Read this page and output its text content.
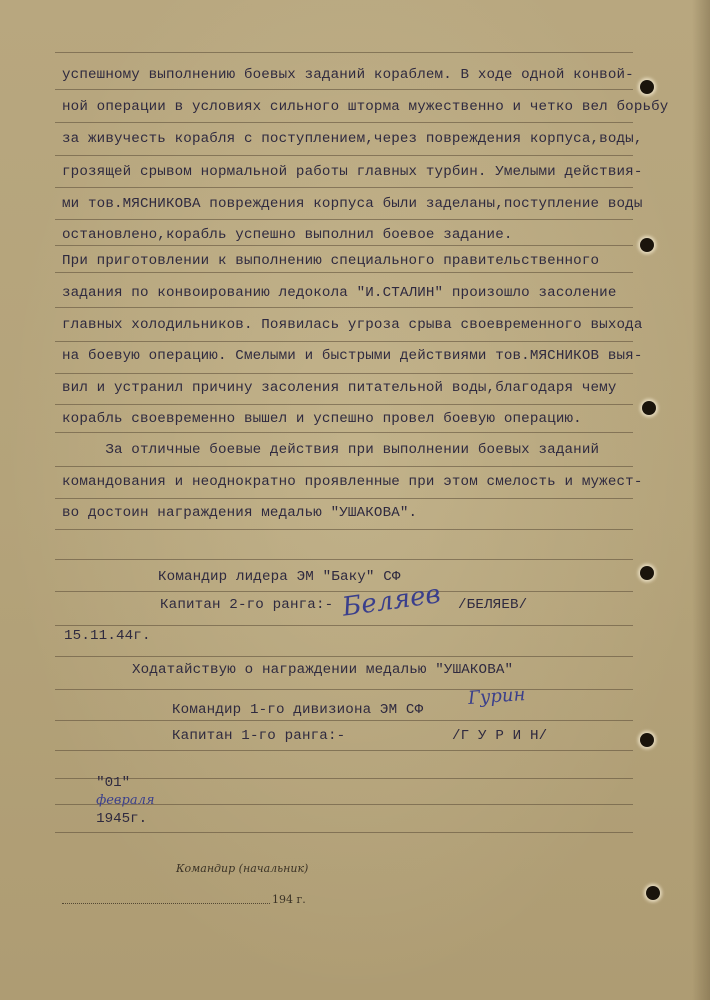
успешному выполнению боевых заданий кораблем. В ходе одной конвой-
ной операции в условиях сильного шторма мужественно и четко вел борьбу
за живучесть корабля с поступлением,через повреждения корпуса,воды,
грозящей срывом нормальной работы главных турбин. Умелыми действия-
ми тов.МЯСНИКОВА повреждения корпуса были заделаны,поступление воды
остановлено,корабль успешно выполнил боевое задание.
При приготовлении к выполнению специального правительственного
задания по конвоированию ледокола "И.СТАЛИН" произошло засоление
главных холодильников. Появилась угроза срыва своевременного выхода
на боевую операцию. Смелыми и быстрыми действиями тов.МЯСНИКОВ выя-
вил и устранил причину засоления питательной воды,благодаря чему
корабль своевременно вышел и успешно провел боевую операцию.
За отличные боевые действия при выполнении боевых заданий
командования и неоднократно проявленные при этом смелость и мужест-
во достоин награждения медалью "УШАКОВА".
Командир лидера ЭМ "Баку" СФ
Капитан 2-го ранга:-	/БЕЛЯЕВ/
15.11.44г.
Беляев
Ходатайствую о награждении медалью "УШАКОВА"
Командир 1-го дивизиона ЭМ СФ
Капитан 1-го ранга:-	/Г У Р И Н/
Гурин

"01"
февраля
1945г.

Командир (начальник)
194 г.
